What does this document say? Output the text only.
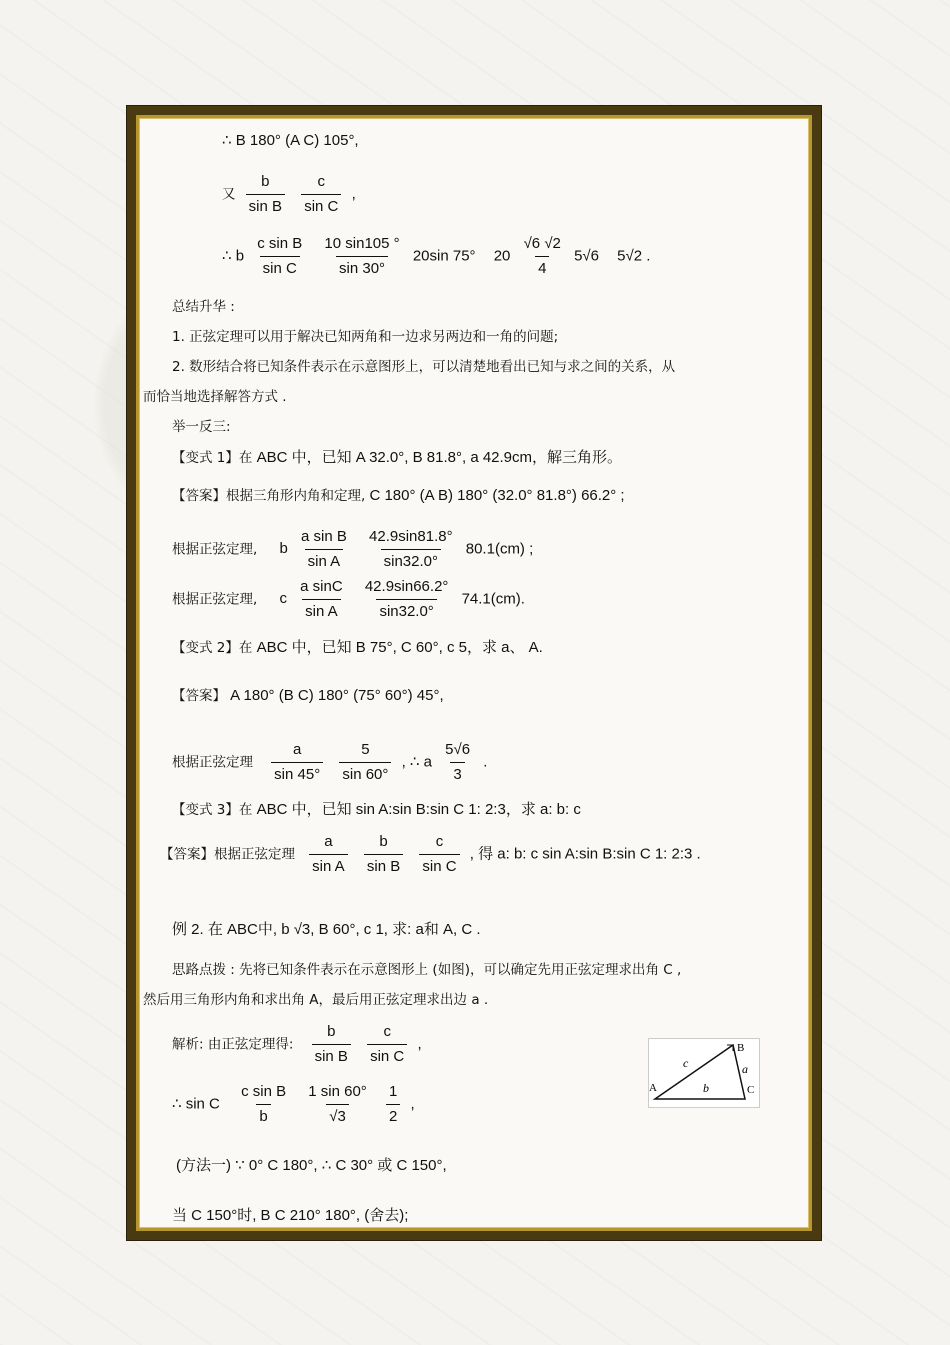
∴ B 180° (A C) 105°,
又 $\frac{b}{\text{sin B}}$
$\frac{c}{\text{sin C}}$ ,
∴ b $\frac{\text{c sin B}}{\text{sin C}}$
$\frac{10 \sin 105 ^\circ}{\sin 30^\circ} 20\sin$ 75° $20 \frac{√6 √2}{4} 5√6$ 5√2 .
总结升华 :
1. 正弦定理可以用于解决已知两角和一边求另两边和一角的问题;
2. 数形结合将已知条件表示在示意图形上，可以清楚地看出已知与求之间的关系，从
而恰当地选择解答方式 .
举一反三:
【变式 1】在 ABC 中，已知 A 32.0°, B 81.8°, a 42.9cm，解三角形。
【答案】根据三角形内角和定理, C 180° (A B) 180° (32.0° 81.8°) 66.2° ;
根据正弦定理, b $\frac{\text{a sin B}}{\text{sin A}}$
$\frac{42.9\sin 81.8^\circ}{\sin 32.0^\circ} 80.1(cm)$ ;
根据正弦定理, c $\frac{\text{a sinC}}{\text{sin A}}$
$\frac{42.9\sin 66.2^\circ}{\sin 32.0^\circ} 74.1(cm)$.
【变式 2】在 ABC 中，已知 B 75°, C 60°, c 5，求 a、 A.
【答案】 A 180° (B C) 180° (75° 60°) 45°,
根据正弦定理 $\frac{a}{\sin 45^\circ}$
$\frac{5}{\sin 60^\circ}$ , ∴ a $\frac{5√6}{3}$ .
【变式 3】在 ABC 中，已知 sin A:sin B:sin C 1: 2:3，求 a: b: c
【答案】根据正弦定理 $\frac{a}{\text{sin A}}$
$\frac{b}{\text{sin B}}$
$\frac{c}{\text{sin C}}$ , 得 a: b: c sin A:sin B:sin C 1: 2:3 .
例 2. 在 ABC中, b √3, B 60°, c 1, 求: a和 A, C .
思路点拨 : 先将已知条件表示在示意图形上 (如图)，可以确定先用正弦定理求出角 C ,
然后用三角形内角和求出角 A，最后用正弦定理求出边 a .
解析: 由正弦定理得: $\frac{b}{\text{sin B}}$
$\frac{c}{\text{sin C}}$ ,
∴ sin C $\frac{\text{c sin B}}{b}$
$\frac{1 \sin 60^\circ}{√3}$
$\frac{1}{2}$ ,
(方法一) ∵ 0° C 180°, ∴ C 30° 或 C 150°,
当 C 150°时, B C 210° 180°, (舍去);
A
B
C
a
b
c
